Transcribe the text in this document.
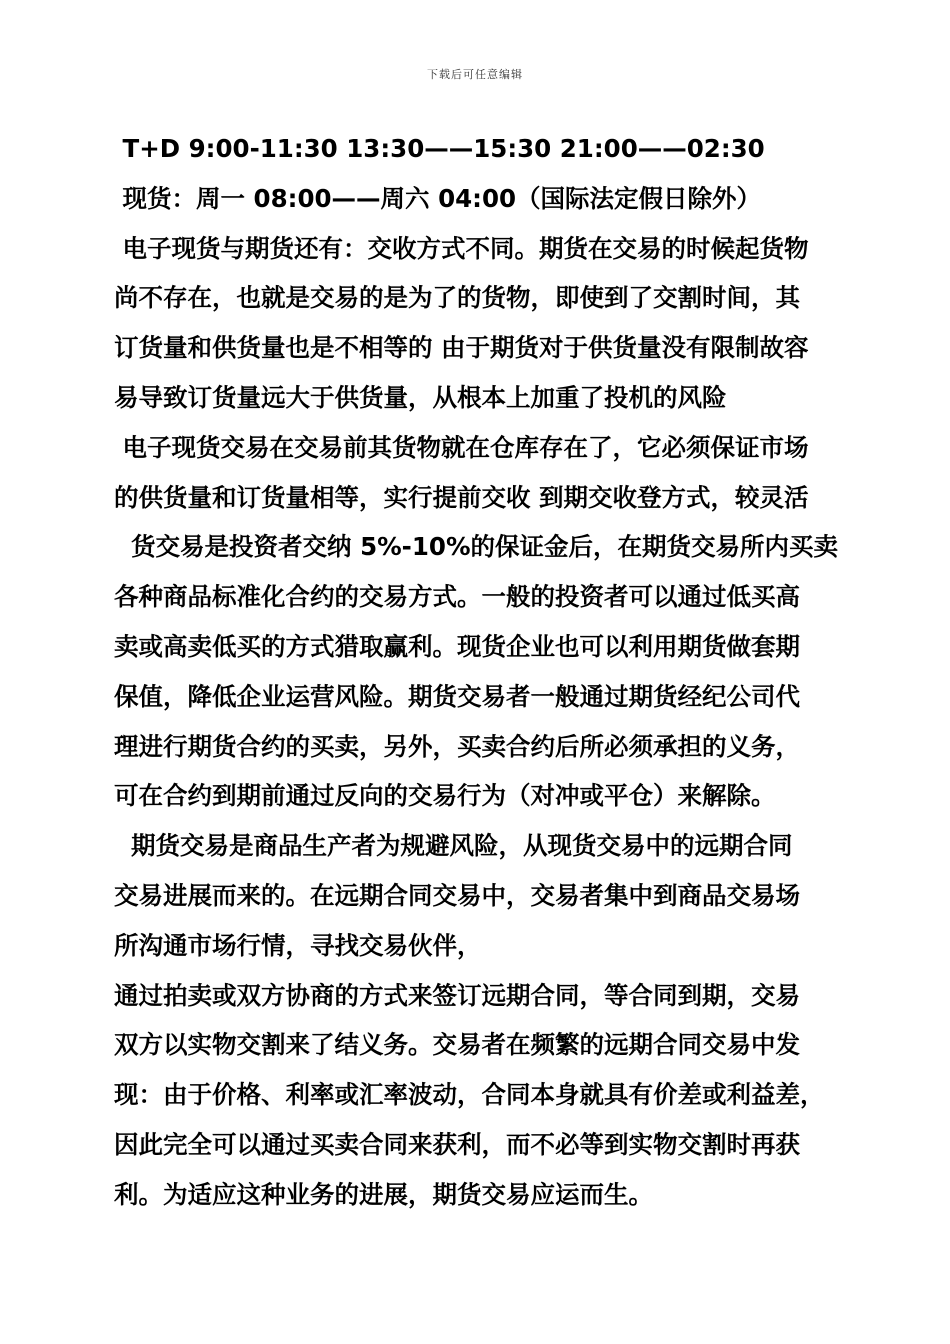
下载后可任意编辑
T+D 9:00-11:30 13:30——15:30 21:00——02:30
现货：周一 08:00——周六 04:00（国际法定假日除外）
电子现货与期货还有：交收方式不同。期货在交易的时候起货物
尚不存在，也就是交易的是为了的货物，即使到了交割时间，其
订货量和供货量也是不相等的 由于期货对于供货量没有限制故容
易导致订货量远大于供货量，从根本上加重了投机的风险
电子现货交易在交易前其货物就在仓库存在了，它必须保证市场
的供货量和订货量相等，实行提前交收 到期交收登方式，较灵活
货交易是投资者交纳 5%-10%的保证金后，在期货交易所内买卖
各种商品标准化合约的交易方式。一般的投资者可以通过低买高
卖或高卖低买的方式猎取赢利。现货企业也可以利用期货做套期
保值，降低企业运营风险。期货交易者一般通过期货经纪公司代
理进行期货合约的买卖，另外，买卖合约后所必须承担的义务，
可在合约到期前通过反向的交易行为（对冲或平仓）来解除。
期货交易是商品生产者为规避风险，从现货交易中的远期合同
交易进展而来的。在远期合同交易中，交易者集中到商品交易场
所沟通市场行情，寻找交易伙伴，
通过拍卖或双方协商的方式来签订远期合同，等合同到期，交易
双方以实物交割来了结义务。交易者在频繁的远期合同交易中发
现：由于价格、利率或汇率波动，合同本身就具有价差或利益差，
因此完全可以通过买卖合同来获利，而不必等到实物交割时再获
利。为适应这种业务的进展，期货交易应运而生。
